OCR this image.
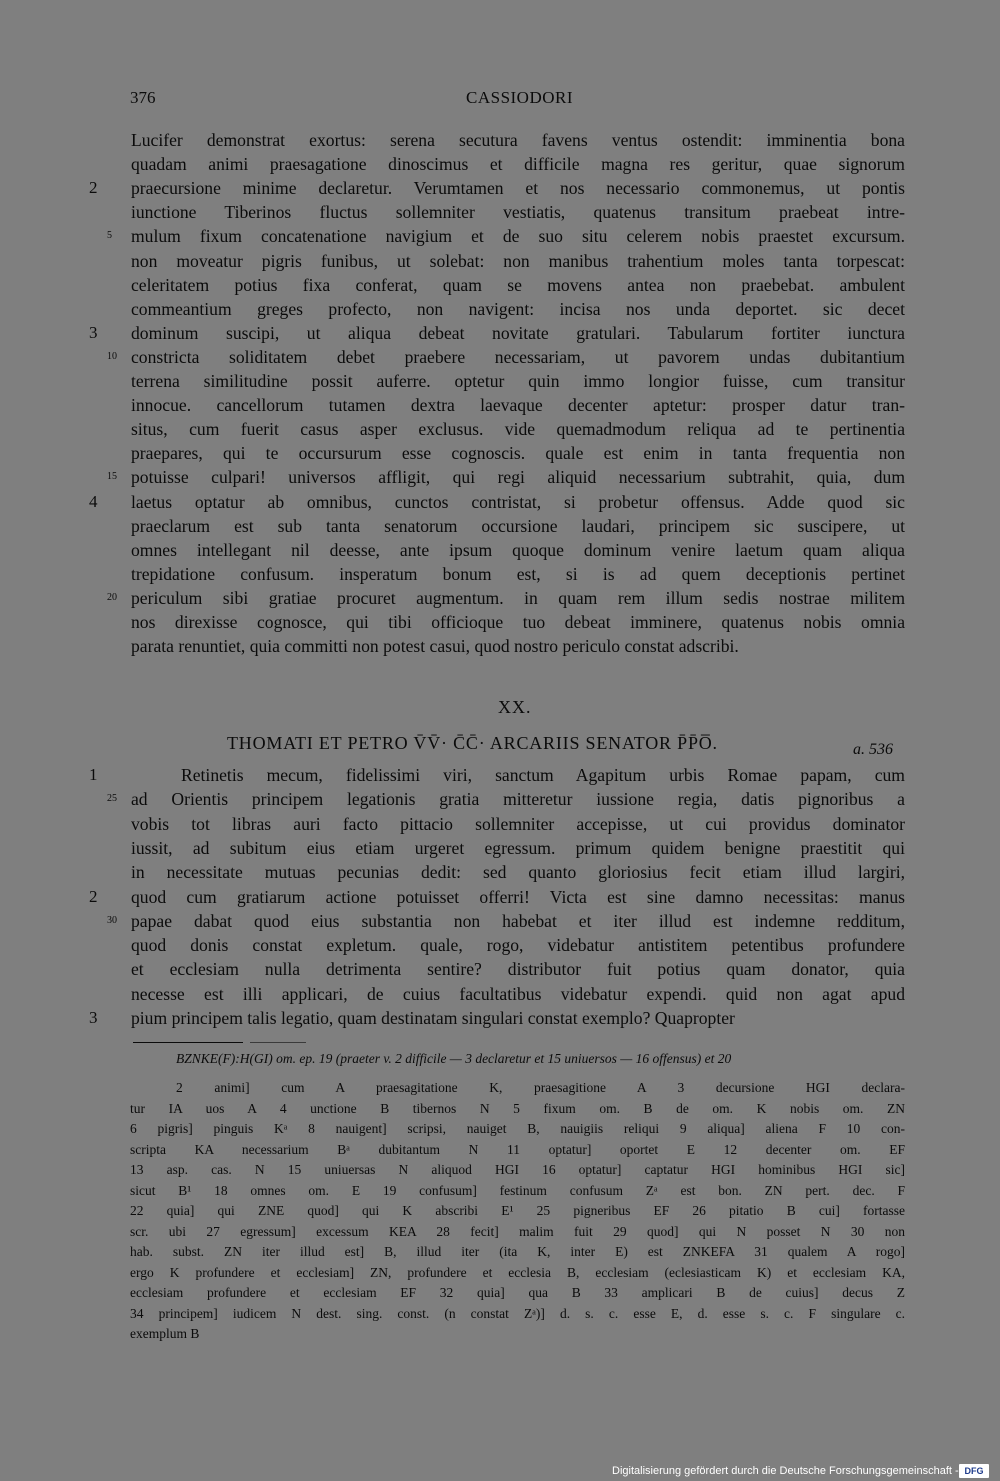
376	CASSIODORI
Lucifer demonstrat exortus: serena secutura favens ventus ostendit: imminentia bona
quadam animi praesagatione dinoscimus et difficile magna res geritur, quae signorum
praecursione minime declaretur. Verumtamen et nos necessario commonemus, ut pontis
iunctione Tiberinos fluctus sollemniter vestiatis, quatenus transitum praebeat intre-
mulum fixum concatenatione navigium et de suo situ celerem nobis praestet excursum.
non moveatur pigris funibus, ut solebat: non manibus trahentium moles tanta torpescat:
celeritatem potius fixa conferat, quam se movens antea non praebebat. ambulent
commeantium greges profecto, non navigent: incisa nos unda deportet. sic decet
dominum suscipi, ut aliqua debeat novitate gratulari. Tabularum fortiter iunctura
constricta soliditatem debet praebere necessariam, ut pavorem undas dubitantium
terrena similitudine possit auferre. optetur quin immo longior fuisse, cum transitur
innocue. cancellorum tutamen dextra laevaque decenter aptetur: prosper datur tran-
situs, cum fuerit casus asper exclusus. vide quemadmodum reliqua ad te pertinentia
praepares, qui te occursurum esse cognoscis. quale est enim in tanta frequentia non
potuisse culpari! universos affligit, qui regi aliquid necessarium subtrahit, quia, dum
laetus optatur ab omnibus, cunctos contristat, si probetur offensus. Adde quod sic
praeclarum est sub tanta senatorum occursione laudari, principem sic suscipere, ut
omnes intellegant nil deesse, ante ipsum quoque dominum venire laetum quam aliqua
trepidatione confusum. insperatum bonum est, si is ad quem deceptionis pertinet
periculum sibi gratiae procuret augmentum. in quam rem illum sedis nostrae militem
nos direxisse cognosce, qui tibi officioque tuo debeat imminere, quatenus nobis omnia
parata renuntiet, quia committi non potest casui, quod nostro periculo constat adscribi.
2
3
4
5
10
15
20
XX.
THOMATI ET PETRO V̄V̄· C̄C̄· ARCARIIS SENATOR P̄P̄O̅.	a. 536
Retinetis mecum, fidelissimi viri, sanctum Agapitum urbis Romae papam, cum
ad Orientis principem legationis gratia mitteretur iussione regia, datis pignoribus a
vobis tot libras auri facto pittacio sollemniter accepisse, ut cui providus dominator
iussit, ad subitum eius etiam urgeret egressum. primum quidem benigne praestitit qui
in necessitate mutuas pecunias dedit: sed quanto gloriosius fecit etiam illud largiri,
quod cum gratiarum actione potuisset offerri! Victa est sine damno necessitas: manus
papae dabat quod eius substantia non habebat et iter illud est indemne redditum,
quod donis constat expletum. quale, rogo, videbatur antistitem petentibus profundere
et ecclesiam nulla detrimenta sentire? distributor fuit potius quam donator, quia
necesse est illi applicari, de cuius facultatibus videbatur expendi. quid non agat apud
pium principem talis legatio, quam destinatam singulari constat exemplo? Quapropter
1
2
3
25
30
BZNKE(F):H(GI) om. ep. 19 (praeter v. 2 difficile — 3 declaretur et 15 uniuersos — 16 offensus) et 20
2 animi] cum A praesagitatione K, praesagitione A 3 decursione HGI declara-
tur IA uos A 4 unctione B tibernos N 5 fixum om. B de om. K nobis om. ZN
6 pigris] pinguis Kᵃ 8 nauigent] scripsi, nauiget B, nauigiis reliqui 9 aliqua] aliena F 10 con-
scripta KA necessarium Bᵃ dubitantum N 11 optatur] oportet E 12 decenter om. EF
13 asp. cas. N 15 uniuersas N aliquod HGI 16 optatur] captatur HGI hominibus HGI sic]
sicut B¹ 18 omnes om. E 19 confusum] festinum confusum Zᵃ est bon. ZN pert. dec. F
22 quia] qui ZNE quod] qui K abscribi E¹ 25 pigneribus EF 26 pitatio B cui] fortasse
scr. ubi 27 egressum] excessum KEA 28 fecit] malim fuit 29 quod] qui N posset N 30 non
hab. subst. ZN iter illud est] B, illud iter (ita K, inter E) est ZNKEFA 31 qualem A rogo]
ergo K profundere et ecclesiam] ZN, profundere et ecclesia B, ecclesiam (eclesiasticam K) et ecclesiam KA,
ecclesiam profundere et ecclesiam EF 32 quia] qua B 33 amplicari B de cuius] decus Z
34 principem] iudicem N dest. sing. const. (n constat Zᵃ)] d. s. c. esse E, d. esse s. c. F singulare c.
exemplum B
Digitalisierung gefördert durch die Deutsche Forschungsgemeinschaft - DFG
